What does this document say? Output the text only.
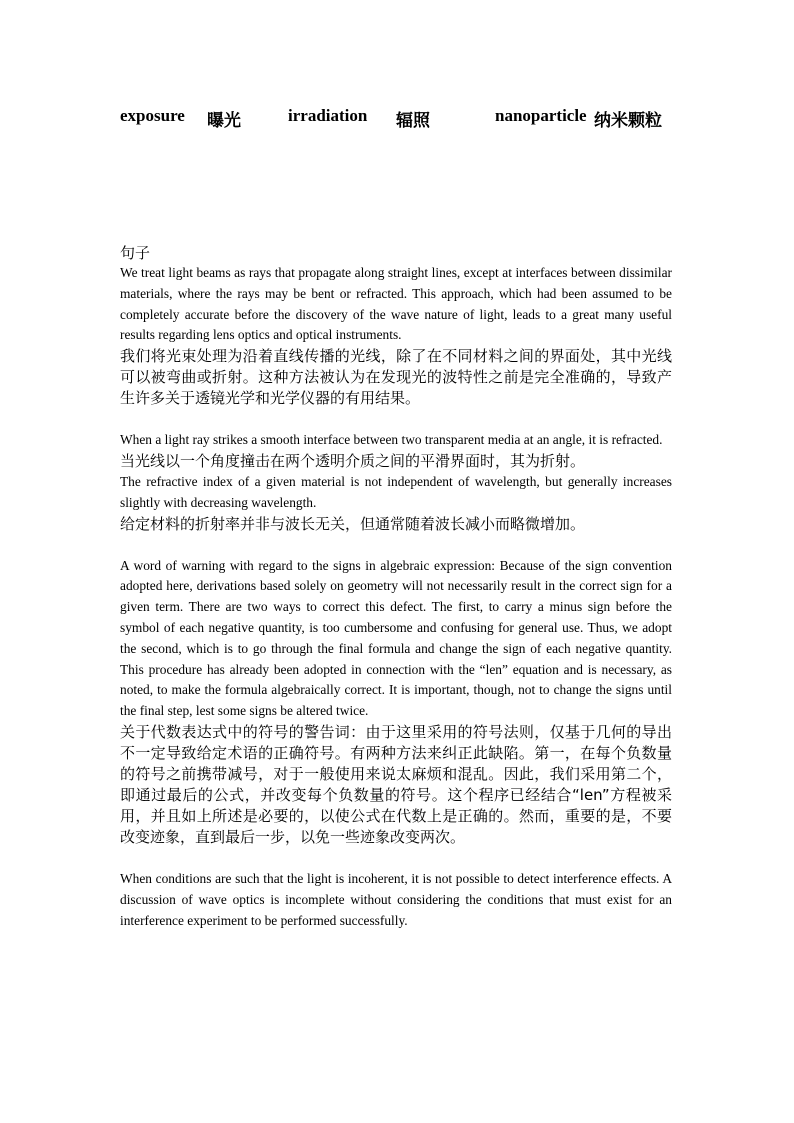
exposure 曝光	irradiation 辐照	nanoparticle 纳米颗粒

句子

We treat light beams as rays that propagate along straight lines, except at interfaces between dissimilar materials, where the rays may be bent or refracted. This approach, which had been assumed to be completely accurate before the discovery of the wave nature of light, leads to a great many useful results regarding lens optics and optical instruments.

我们将光束处理为沿着直线传播的光线，除了在不同材料之间的界面处，其中光线可以被弯曲或折射。这种方法被认为在发现光的波特性之前是完全准确的，导致产生许多关于透镜光学和光学仪器的有用结果。

When a light ray strikes a smooth interface between two transparent media at an angle, it is refracted.

当光线以一个角度撞击在两个透明介质之间的平滑界面时，其为折射。

The refractive index of a given material is not independent of wavelength, but generally increases slightly with decreasing wavelength.

给定材料的折射率并非与波长无关，但通常随着波长减小而略微增加。

A word of warning with regard to the signs in algebraic expression: Because of the sign convention adopted here, derivations based solely on geometry will not necessarily result in the correct sign for a given term. There are two ways to correct this defect. The first, to carry a minus sign before the symbol of each negative quantity, is too cumbersome and confusing for general use. Thus, we adopt the second, which is to go through the final formula and change the sign of each negative quantity. This procedure has already been adopted in connection with the “len” equation and is necessary, as noted, to make the formula algebraically correct. It is important, though, not to change the signs until the final step, lest some signs be altered twice.

关于代数表达式中的符号的警告词：由于这里采用的符号法则，仅基于几何的导出不一定导致给定术语的正确符号。有两种方法来纠正此缺陷。第一，在每个负数量的符号之前携带减号，对于一般使用来说太麻烦和混乱。因此，我们采用第二个，即通过最后的公式，并改变每个负数量的符号。这个程序已经结合“len”方程被采用，并且如上所述是必要的，以使公式在代数上是正确的。然而，重要的是，不要改变迹象，直到最后一步，以免一些迹象改变两次。

When conditions are such that the light is incoherent, it is not possible to detect interference effects. A discussion of wave optics is incomplete without considering the conditions that must exist for an interference experiment to be performed successfully.
